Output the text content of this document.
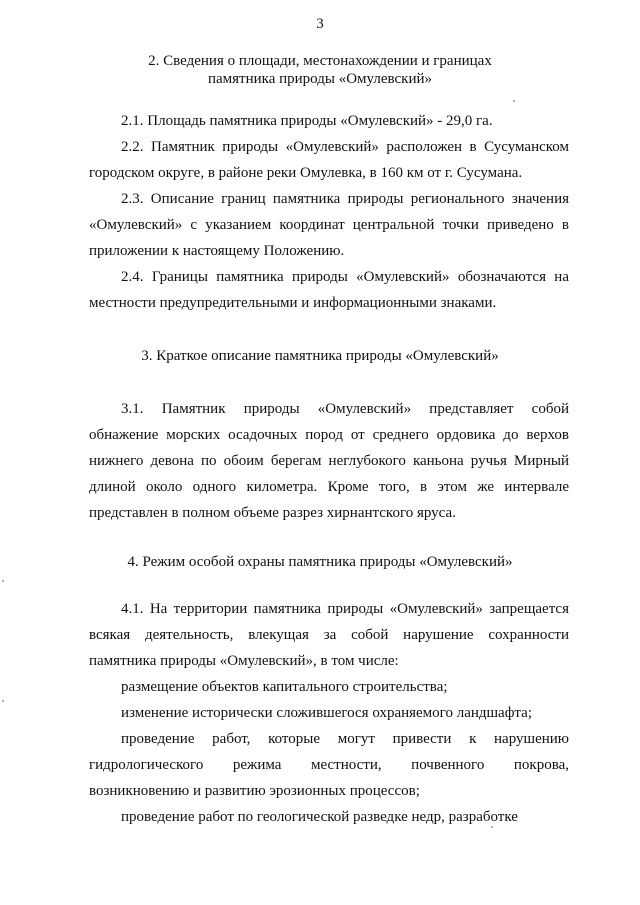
3
2. Сведения о площади, местонахождении и границах
памятника природы «Омулевский»
2.1. Площадь памятника природы «Омулевский» - 29,0 га.
2.2. Памятник природы «Омулевский» расположен в Сусуманском городском округе, в районе реки Омулевка, в 160 км от г. Сусумана.
2.3. Описание границ памятника природы регионального значения «Омулевский» с указанием координат центральной точки приведено в приложении к настоящему Положению.
2.4. Границы памятника природы «Омулевский» обозначаются на местности предупредительными и информационными знаками.
3. Краткое описание памятника природы «Омулевский»
3.1. Памятник природы «Омулевский» представляет собой обнажение морских осадочных пород от среднего ордовика до верхов нижнего девона по обоим берегам неглубокого каньона ручья Мирный длиной около одного километра. Кроме того, в этом же интервале представлен в полном объеме разрез хирнантского яруса.
4. Режим особой охраны памятника природы «Омулевский»
4.1. На территории памятника природы «Омулевский» запрещается всякая деятельность, влекущая за собой нарушение сохранности памятника природы «Омулевский», в том числе:
размещение объектов капитального строительства;
изменение исторически сложившегося охраняемого ландшафта;
проведение работ, которые могут привести к нарушению гидрологического режима местности, почвенного покрова, возникновению и развитию эрозионных процессов;
проведение работ по геологической разведке недр, разработке
